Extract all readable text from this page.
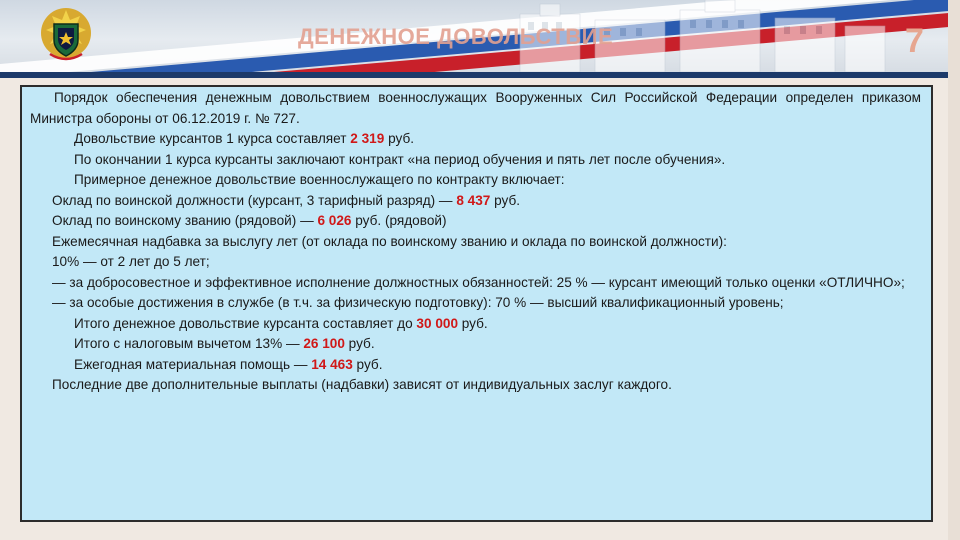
ДЕНЕЖНОЕ ДОВОЛЬСТВИЕ	7

Порядок обеспечения денежным довольствием военнослужащих Вооруженных Сил Российской Федерации определен приказом Министра обороны от 06.12.2019 г. № 727.

Довольствие курсантов 1 курса составляет 2 319 руб.

По окончании 1 курса курсанты заключают контракт «на период обучения и пять лет после обучения».

Примерное денежное довольствие военнослужащего по контракту включает:

Оклад по воинской должности (курсант, 3 тарифный разряд) — 8 437 руб.

Оклад по воинскому званию (рядовой) — 6 026 руб. (рядовой)

Ежемесячная надбавка за выслугу лет (от оклада по воинскому званию и оклада по воинской должности):

10% — от 2 лет до 5 лет;

— за добросовестное и эффективное исполнение должностных обязанностей: 25 % — курсант имеющий только оценки «ОТЛИЧНО»;

— за особые достижения в службе (в т.ч. за физическую подготовку): 70 % — высший квалификационный уровень;

Итого денежное довольствие курсанта составляет до 30 000 руб.

Итого с налоговым вычетом 13% — 26 100 руб.

Ежегодная материальная помощь — 14 463 руб.

Последние две дополнительные выплаты (надбавки) зависят от индивидуальных заслуг каждого.
